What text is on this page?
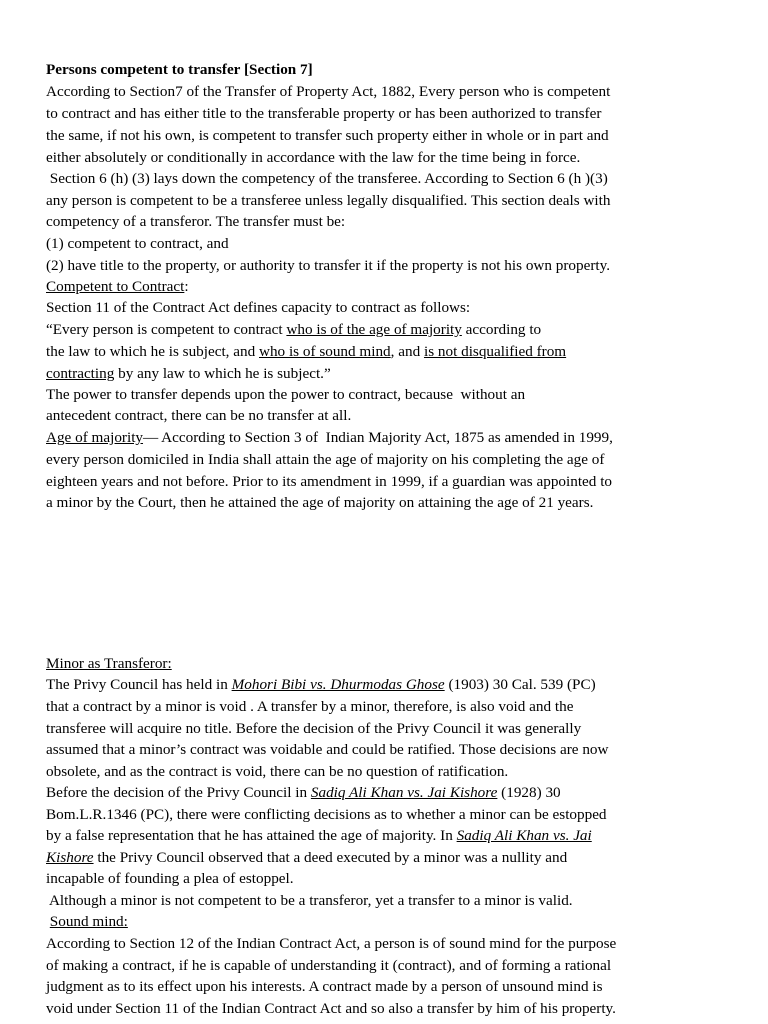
Persons competent to transfer [Section 7]
According to Section7 of the Transfer of Property Act, 1882, Every person who is competent
to contract and has either title to the transferable property or has been authorized to transfer
the same, if not his own, is competent to transfer such property either in whole or in part and
either absolutely or conditionally in accordance with the law for the time being in force.
Section 6 (h) (3) lays down the competency of the transferee. According to Section 6 (h )(3)
any person is competent to be a transferee unless legally disqualified. This section deals with
competency of a transferor. The transfer must be:
(1) competent to contract, and
(2) have title to the property, or authority to transfer it if the property is not his own property.
Competent to Contract:
Section 11 of the Contract Act defines capacity to contract as follows:
“Every person is competent to contract who is of the age of majority according to
the law to which he is subject, and who is of sound mind, and is not disqualified from
contracting by any law to which he is subject.”
The power to transfer depends upon the power to contract, because  without an
antecedent contract, there can be no transfer at all.
Age of majority— According to Section 3 of  Indian Majority Act, 1875 as amended in 1999,
every person domiciled in India shall attain the age of majority on his completing the age of
eighteen years and not before. Prior to its amendment in 1999, if a guardian was appointed to
a minor by the Court, then he attained the age of majority on attaining the age of 21 years.
Minor as Transferor:
The Privy Council has held in Mohori Bibi vs. Dhurmodas Ghose (1903) 30 Cal. 539 (PC)
that a contract by a minor is void . A transfer by a minor, therefore, is also void and the
transferee will acquire no title. Before the decision of the Privy Council it was generally
assumed that a minor’s contract was voidable and could be ratified. Those decisions are now
obsolete, and as the contract is void, there can be no question of ratification.
Before the decision of the Privy Council in Sadiq Ali Khan vs. Jai Kishore (1928) 30
Bom.L.R.1346 (PC), there were conflicting decisions as to whether a minor can be estopped
by a false representation that he has attained the age of majority. In Sadiq Ali Khan vs. Jai
Kishore the Privy Council observed that a deed executed by a minor was a nullity and
incapable of founding a plea of estoppel.
Although a minor is not competent to be a transferor, yet a transfer to a minor is valid.
Sound mind:
According to Section 12 of the Indian Contract Act, a person is of sound mind for the purpose
of making a contract, if he is capable of understanding it (contract), and of forming a rational
judgment as to its effect upon his interests. A contract made by a person of unsound mind is
void under Section 11 of the Indian Contract Act and so also a transfer by him of his property.
